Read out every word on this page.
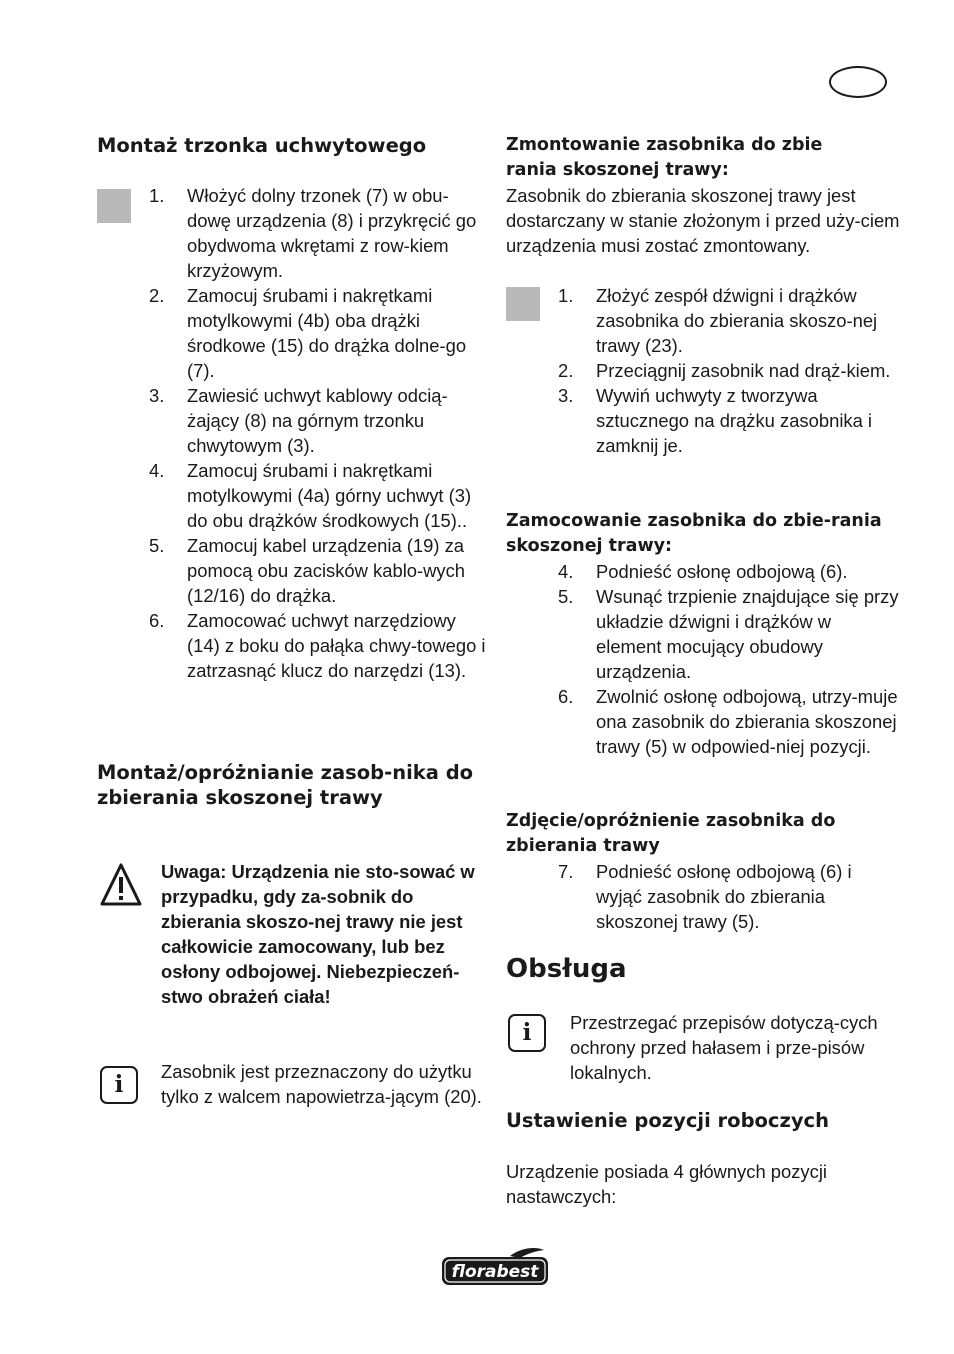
Montaż trzonka uchwytowego
1. Włożyć dolny trzonek (7) w obu-dowę urządzenia (8) i przykręcić go obydwoma wkrętami z row-kiem krzyżowym.
2. Zamocuj śrubami i nakrętkami motylkowymi (4b) oba drążki środkowe (15) do drążka dolne-go (7).
3. Zawiesić uchwyt kablowy odcią-żający (8) na górnym trzonku chwytowym (3).
4. Zamocuj śrubami i nakrętkami motylkowymi (4a) górny uchwyt (3) do obu drążków środkowych (15)..
5. Zamocuj kabel urządzenia (19) za pomocą obu zacisków kablo-wych (12/16) do drążka.
6. Zamocować uchwyt narzędziowy (14) z boku do pałąka chwy-towego i zatrzasnąć klucz do narzędzi (13).
Montaż/opróżnianie zasob-nika do zbierania skoszonej trawy

Uwaga: Urządzenia nie sto-sować w przypadku, gdy za-sobnik do zbierania skoszo-nej trawy nie jest całkowicie zamocowany, lub bez osłony odbojowej. Niebezpieczeń-stwo obrażeń ciała!

i	Zasobnik jest przeznaczony do użytku tylko z walcem napowietrza-jącym (20).

Zmontowanie zasobnika do zbie rania skoszonej trawy:

Zasobnik do zbierania skoszonej trawy jest dostarczany w stanie złożonym i przed uży-ciem urządzenia musi zostać zmontowany.

1. Złożyć zespół dźwigni i drążków zasobnika do zbierania skoszo-nej trawy (23).
2. Przeciągnij zasobnik nad drąż-kiem.
3. Wywiń uchwyty z tworzywa sztucznego na drążku zasobnika i zamknij je.
Zamocowanie zasobnika do zbie-rania skoszonej trawy:
4. Podnieść osłonę odbojową (6).
5. Wsunąć trzpienie znajdujące się przy układzie dźwigni i drążków w element mocujący obudowy urządzenia.
6. Zwolnić osłonę odbojową, utrzy-muje ona zasobnik do zbierania skoszonej trawy (5) w odpowied-niej pozycji.
Zdjęcie/opróżnienie zasobnika do zbierania trawy
7. Podnieść osłonę odbojową (6) i wyjąć zasobnik do zbierania skoszonej trawy (5).
Obsługa
i	Przestrzegać przepisów dotyczą-cych ochrony przed hałasem i prze-pisów lokalnych.

Ustawienie pozycji roboczych

Urządzenie posiada 4 głównych pozycji nastawczych:

florabest
